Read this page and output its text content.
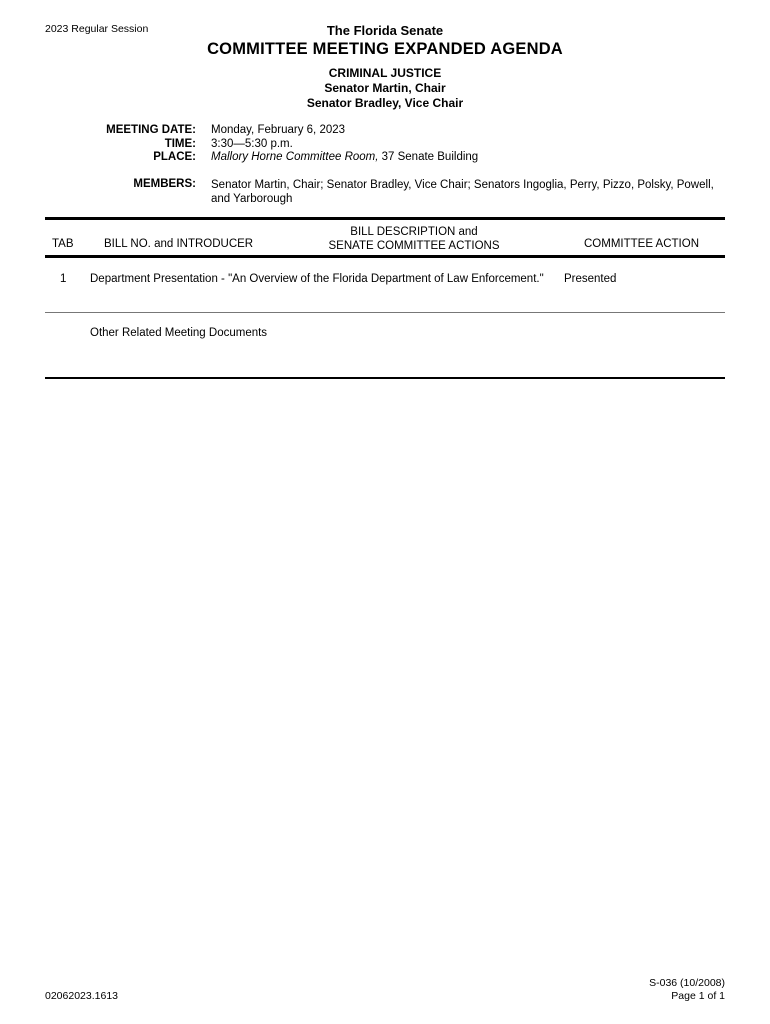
2023 Regular Session	The Florida Senate
COMMITTEE MEETING EXPANDED AGENDA
CRIMINAL JUSTICE
Senator Martin, Chair
Senator Bradley, Vice Chair
MEETING DATE: Monday, February 6, 2023
TIME: 3:30—5:30 p.m.
PLACE: Mallory Horne Committee Room, 37 Senate Building
MEMBERS: Senator Martin, Chair; Senator Bradley, Vice Chair; Senators Ingoglia, Perry, Pizzo, Polsky, Powell, and Yarborough
TAB	BILL NO. and INTRODUCER
BILL DESCRIPTION and
SENATE COMMITTEE ACTIONS	COMMITTEE ACTION
1 Department Presentation - "An Overview of the Florida Department of Law Enforcement." Presented
Other Related Meeting Documents
02062023.1613
S-036 (10/2008)
Page 1 of 1
